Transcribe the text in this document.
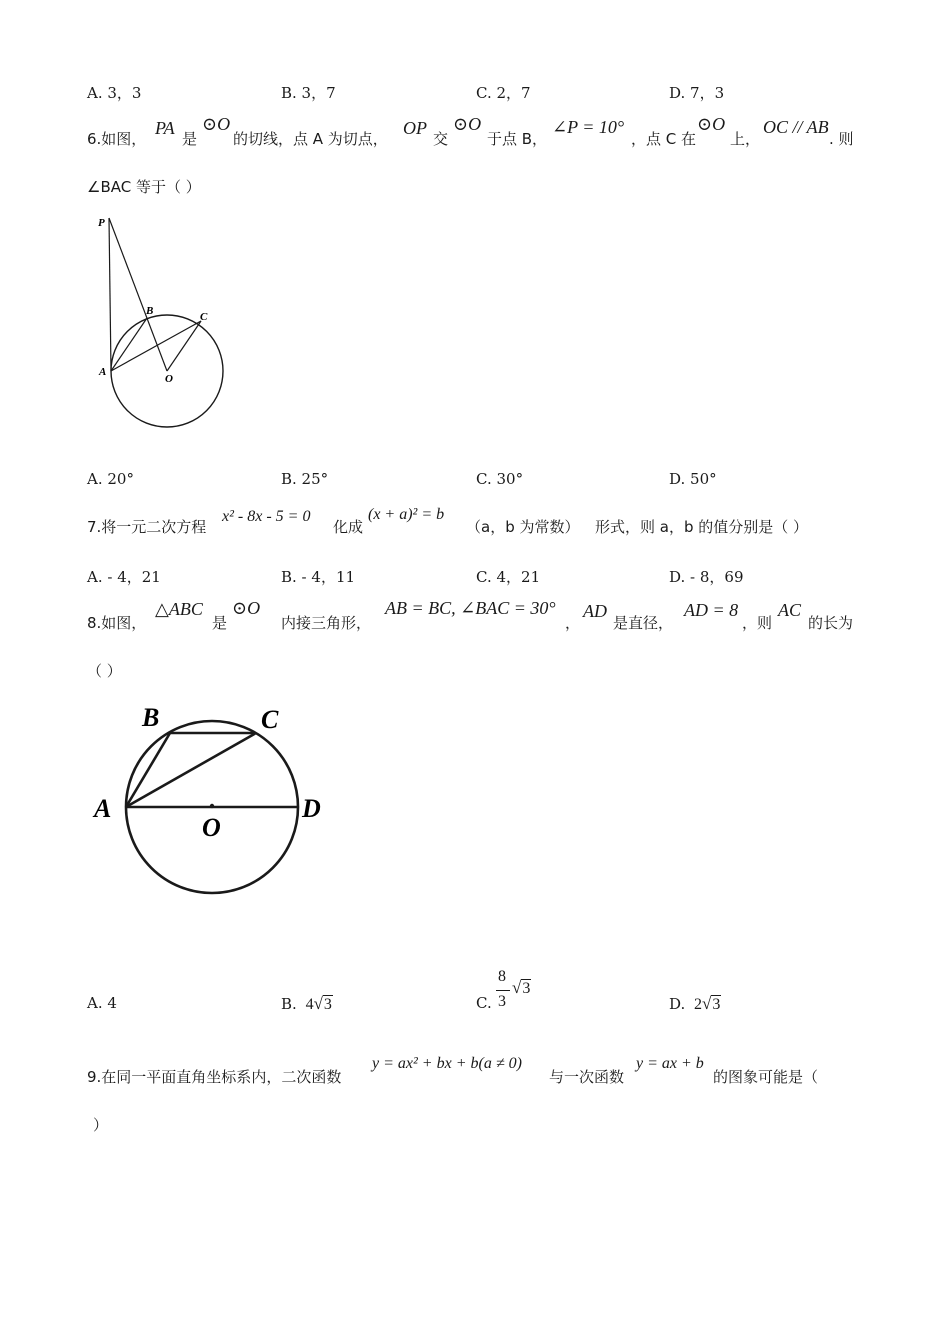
A. 3，3	B. 3，7	C. 2，7	D. 7，3
6.如图，
PA
是
⊙O
的切线，点 A 为切点，
OP
交
⊙O
于点 B，
∠P = 10°
，点 C 在
⊙O
上，
OC // AB
. 则
∠BAC 等于（ ）
P
B	C
A
O
A. 20°	B. 25°	C. 30°	D. 50°
7.将一元二次方程
x² - 8x - 5 = 0
化成
(x + a)² = b
（a，b 为常数） 形式，则 a，b 的值分别是（ ）
A. - 4，21	B. - 4，11	C. 4，21	D. - 8，69
8.如图，
△ABC
是
⊙O
内接三角形，
AB = BC, ∠BAC = 30°
，
AD
是直径，
AD = 8
，则
AC
的长为
（ ）
A
B	C
D
O
A. 4	B. 4√3	C.
8
3
√3
D. 2√3
9.在同一平面直角坐标系内，二次函数
y = ax² + bx + b(a ≠ 0)
与一次函数
y = ax + b
的图象可能是（
）
